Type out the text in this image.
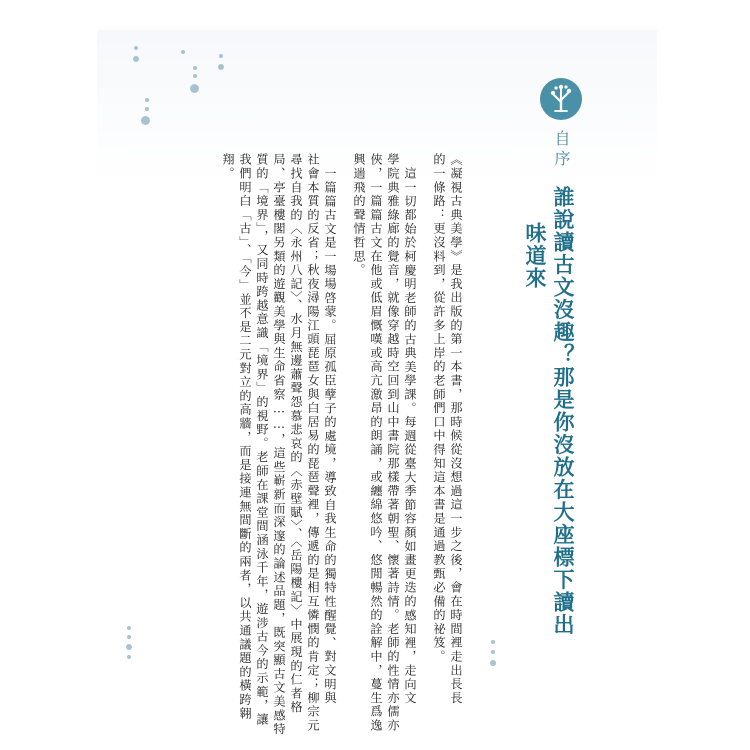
自序
誰說讀古文沒趣？那是你沒放在大座標下讀出
味道來
《凝視古典美學》是我出版的第一本書，那時候從沒想過這一步之後，會在時間裡走出長長
的一條路：更沒料到，從許多上岸的老師們口中得知這本書是通過教甄必備的祕笈。
這一切都始於柯慶明老師的古典美學課。每週從臺大季節容顏如畫更迭的感知裡，走向文
學院典雅綠廊的覺音，就像穿越時空回到山中書院那樣帶著朝聖、懷著詩情。老師的性情亦儒亦
俠，一篇篇古文在他或低眉慨嘆或高亢激昂的朗誦，或纏綿悠吟、悠閒暢然的詮解中，蔓生爲逸
興遄飛的聲情哲思。
一篇篇古文是一場場啓蒙。屈原孤臣孽子的處境，導致自我生命的獨特性醒覺、對文明與
社會本質的反省；秋夜潯陽江頭琵琶女與白居易的琵琶聲裡，傳遞的是相互憐憫的肯定；柳宗元
尋找自我的〈永州八記〉、水月無邊蕭聲怨慕悲哀的〈赤壁賦〉、〈岳陽樓記〉中展現的仁者格
局、亭臺樓閣另類的遊觀美學與生命省察……，這些嶄新而深邃的論述品題，既突顯古文美感特
質的「境界」，又同時跨越意識「境界」的視野。老師在課堂間涵泳千年，遊涉古今的示範，讓
我們明白「古」、「今」並不是二元對立的高牆，而是接連無間斷的兩者，以共通議題的橫跨翱
翔。
